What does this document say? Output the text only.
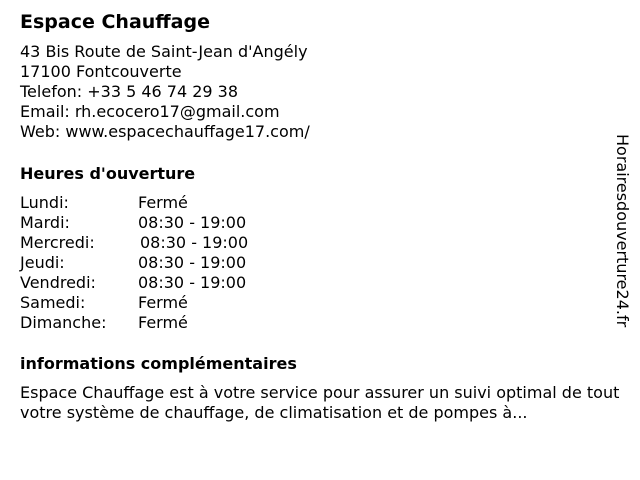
Espace Chauffage
43 Bis Route de Saint-Jean d'Angély
17100 Fontcouverte
Telefon: +33 5 46 74 29 38
Email: rh.ecocero17@gmail.com
Web: www.espacechauffage17.com/
Heures d'ouverture
Lundi:	Fermé
Mardi:	08:30 - 19:00
Mercredi:	08:30 - 19:00
Jeudi:	08:30 - 19:00
Vendredi:	08:30 - 19:00
Samedi:	Fermé
Dimanche:	Fermé
informations complémentaires
Espace Chauffage est à votre service pour assurer un suivi optimal de tout votre système de chauffage, de climatisation et de pompes à...
Horairesdouverture24.fr
